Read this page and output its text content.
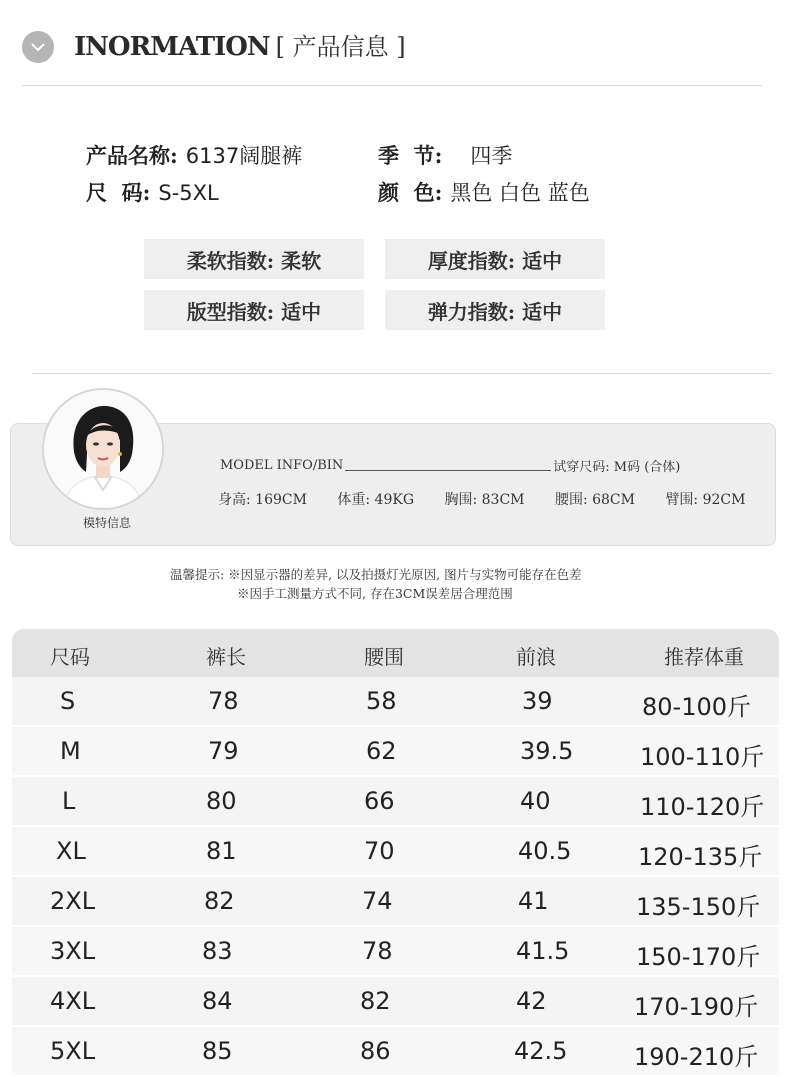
INORMATION [ 产品信息 ]
产品名称: 6137阔腿裤	季  节: 四季
尺  码: S-5XL	颜  色: 黑色 白色 蓝色
柔软指数: 柔软	厚度指数: 适中
版型指数: 适中	弹力指数: 适中
模特信息
MODEL INFO/BIN	试穿尺码: M码 (合体)
身高: 169CM 体重: 49KG 胸围: 83CM 腰围: 68CM 臂围: 92CM
温馨提示: ※因显示器的差异, 以及拍摄灯光原因, 图片与实物可能存在色差
※因手工测量方式不同, 存在3CM误差居合理范围
尺码	裤长	腰围	前浪	推荐体重
S	78	58	39	80-100斤
M	79	62	39.5	100-110斤
L	80	66	40	110-120斤
XL	81	70	40.5	120-135斤
2XL	82	74	41	135-150斤
3XL	83	78	41.5	150-170斤
4XL	84	82	42	170-190斤
5XL	85	86	42.5	190-210斤
